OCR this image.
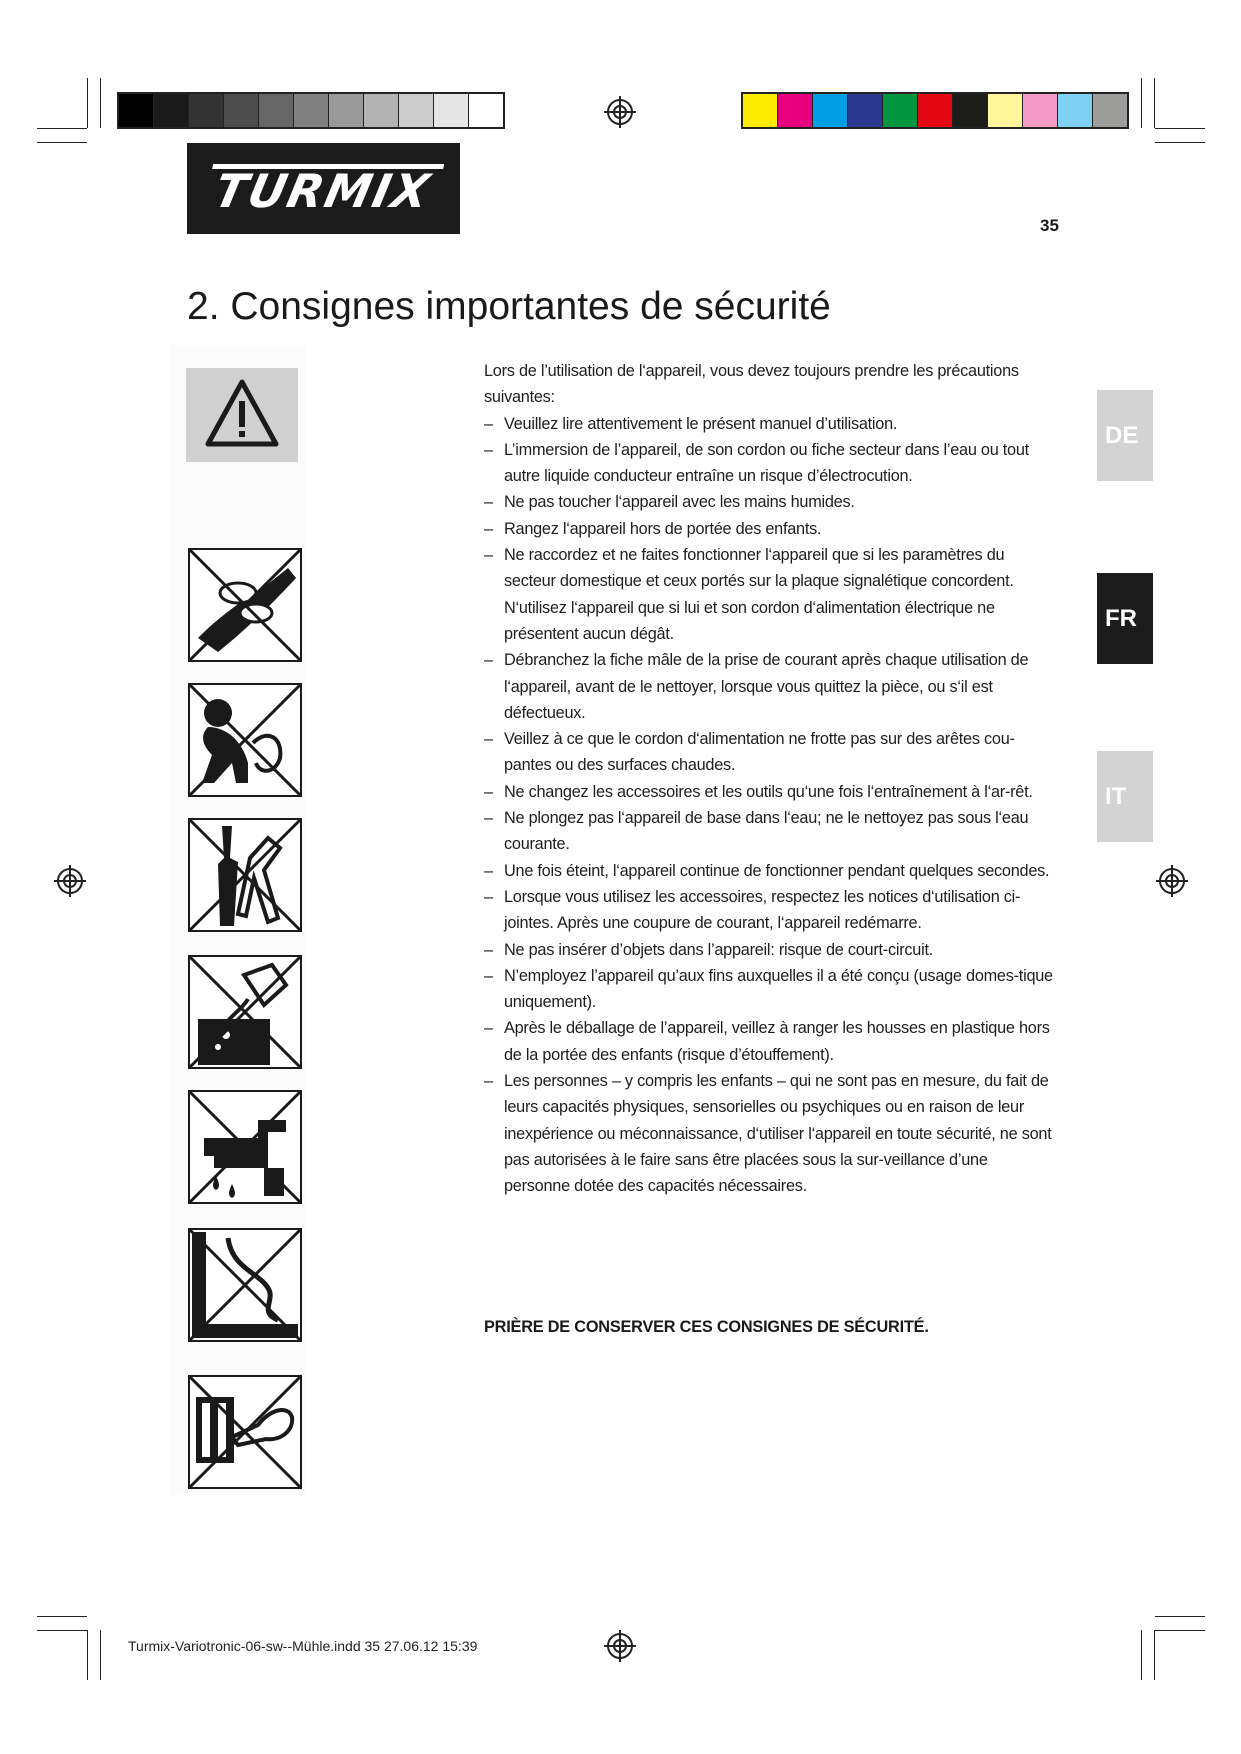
TURMIX
35
2. Consignes importantes de sécurité

Lors de l’utilisation de l‘appareil, vous devez toujours prendre les précautions suivantes:

– Veuillez lire attentivement le présent manuel d’utilisation.
– L’immersion de l’appareil, de son cordon ou fiche secteur dans l’eau ou tout autre liquide conducteur entraîne un risque d’électrocution.
– Ne pas toucher l‘appareil avec les mains humides.
– Rangez l‘appareil hors de portée des enfants.
– Ne raccordez et ne faites fonctionner l‘appareil que si les paramètres du secteur domestique et ceux portés sur la plaque signalétique concordent. N‘utilisez l‘appareil que si lui et son cordon d‘alimentation électrique ne présentent aucun dégât.
– Débranchez la fiche mâle de la prise de courant après chaque utilisation de l‘appareil, avant de le nettoyer, lorsque vous quittez la pièce, ou s‘il est défectueux.
– Veillez à ce que le cordon d‘alimentation ne frotte pas sur des arêtes cou-pantes ou des surfaces chaudes.
– Ne changez les accessoires et les outils qu‘une fois l‘entraînement à l‘ar-rêt.
– Ne plongez pas l‘appareil de base dans l‘eau; ne le nettoyez pas sous l‘eau courante.
– Une fois éteint, l‘appareil continue de fonctionner pendant quelques secondes.
– Lorsque vous utilisez les accessoires, respectez les notices d‘utilisation ci-jointes. Après une coupure de courant, l‘appareil redémarre.
– Ne pas insérer d’objets dans l’appareil: risque de court-circuit.
– N’employez l’appareil qu’aux fins auxquelles il a été conçu (usage domes-tique uniquement).
– Après le déballage de l’appareil, veillez à ranger les housses en plastique hors de la portée des enfants (risque d’étouffement).
– Les personnes – y compris les enfants – qui ne sont pas en mesure, du fait de leurs capacités physiques, sensorielles ou psychiques ou en raison de leur inexpérience ou méconnaissance, d‘utiliser l‘appareil en toute sécurité, ne sont pas autorisées à le faire sans être placées sous la sur-veillance d’une personne dotée des capacités nécessaires.
PRIÈRE DE CONSERVER CES CONSIGNES DE SÉCURITÉ.
DE
FR
IT
Turmix-Variotronic-06-sw--Mühle.indd 35 27.06.12 15:39
